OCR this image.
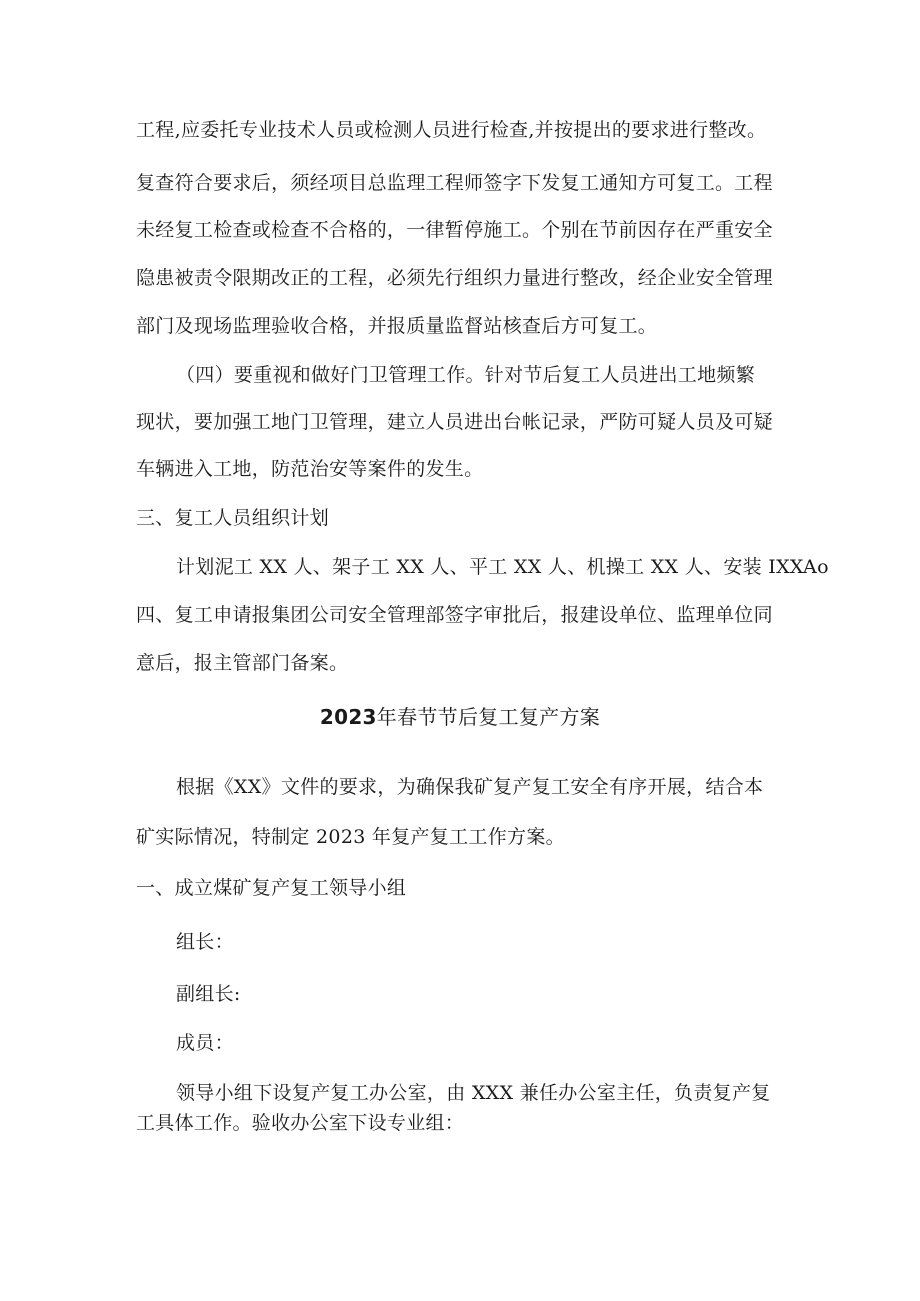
工程,应委托专业技术人员或检测人员进行检查,并按提出的要求进行整改。
复查符合要求后，须经项目总监理工程师签字下发复工通知方可复工。工程
未经复工检查或检查不合格的，一律暂停施工。个别在节前因存在严重安全
隐患被责令限期改正的工程，必须先行组织力量进行整改，经企业安全管理
部门及现场监理验收合格，并报质量监督站核查后方可复工。
（四）要重视和做好门卫管理工作。针对节后复工人员进出工地频繁
现状，要加强工地门卫管理，建立人员进出台帐记录，严防可疑人员及可疑
车辆进入工地，防范治安等案件的发生。
三、复工人员组织计划
计划泥工 XX 人、架子工 XX 人、平工 XX 人、机操工 XX 人、安装 IXXAo
四、复工申请报集团公司安全管理部签字审批后，报建设单位、监理单位同
意后，报主管部门备案。
2023年春节节后复工复产方案
根据《XX》文件的要求，为确保我矿复产复工安全有序开展，结合本
矿实际情况，特制定 2023 年复产复工工作方案。
一、成立煤矿复产复工领导小组
组长：
副组长:
成员：
领导小组下设复产复工办公室，由 XXX 兼任办公室主任，负责复产复
工具体工作。验收办公室下设专业组：
